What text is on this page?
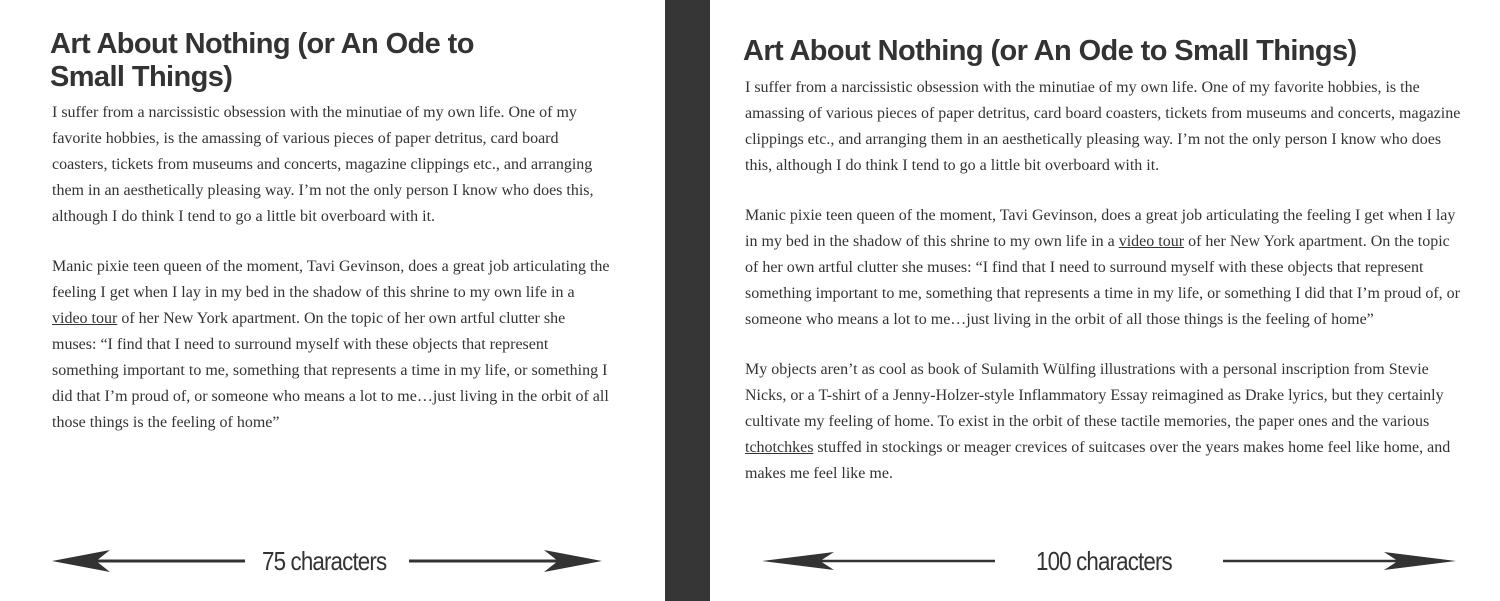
Art About Nothing (or An Ode to Small Things)

I suffer from a narcissistic obsession with the minutiae of my own life. One of my favorite hobbies, is the amassing of various pieces of paper detritus, card board coasters, tickets from museums and concerts, magazine clippings etc., and arranging them in an aesthetically pleasing way. I’m not the only person I know who does this, although I do think I tend to go a little bit overboard with it.

Manic pixie teen queen of the moment, Tavi Gevinson, does a great job articulating the feeling I get when I lay in my bed in the shadow of this shrine to my own life in a video tour of her New York apartment. On the topic of her own artful clutter she muses: “I find that I need to surround myself with these objects that represent something important to me, something that represents a time in my life, or something I did that I’m proud of, or someone who means a lot to me…just living in the orbit of all those things is the feeling of home”

75 characters
Art About Nothing (or An Ode to Small Things)

I suffer from a narcissistic obsession with the minutiae of my own life. One of my favorite hobbies, is the amassing of various pieces of paper detritus, card board coasters, tickets from museums and concerts, magazine clippings etc., and arranging them in an aesthetically pleasing way. I’m not the only person I know who does this, although I do think I tend to go a little bit overboard with it.

Manic pixie teen queen of the moment, Tavi Gevinson, does a great job articulating the feeling I get when I lay in my bed in the shadow of this shrine to my own life in a video tour of her New York apartment. On the topic of her own artful clutter she muses: “I find that I need to surround myself with these objects that represent something important to me, something that represents a time in my life, or something I did that I’m proud of, or someone who means a lot to me…just living in the orbit of all those things is the feeling of home”

My objects aren’t as cool as book of Sulamith Wülfing illustrations with a personal inscription from Stevie Nicks, or a T-shirt of a Jenny-Holzer-style Inflammatory Essay reimagined as Drake lyrics, but they certainly cultivate my feeling of home. To exist in the orbit of these tactile memories, the paper ones and the various tchotchkes stuffed in stockings or meager crevices of suitcases over the years makes home feel like home, and makes me feel like me.

100 characters
